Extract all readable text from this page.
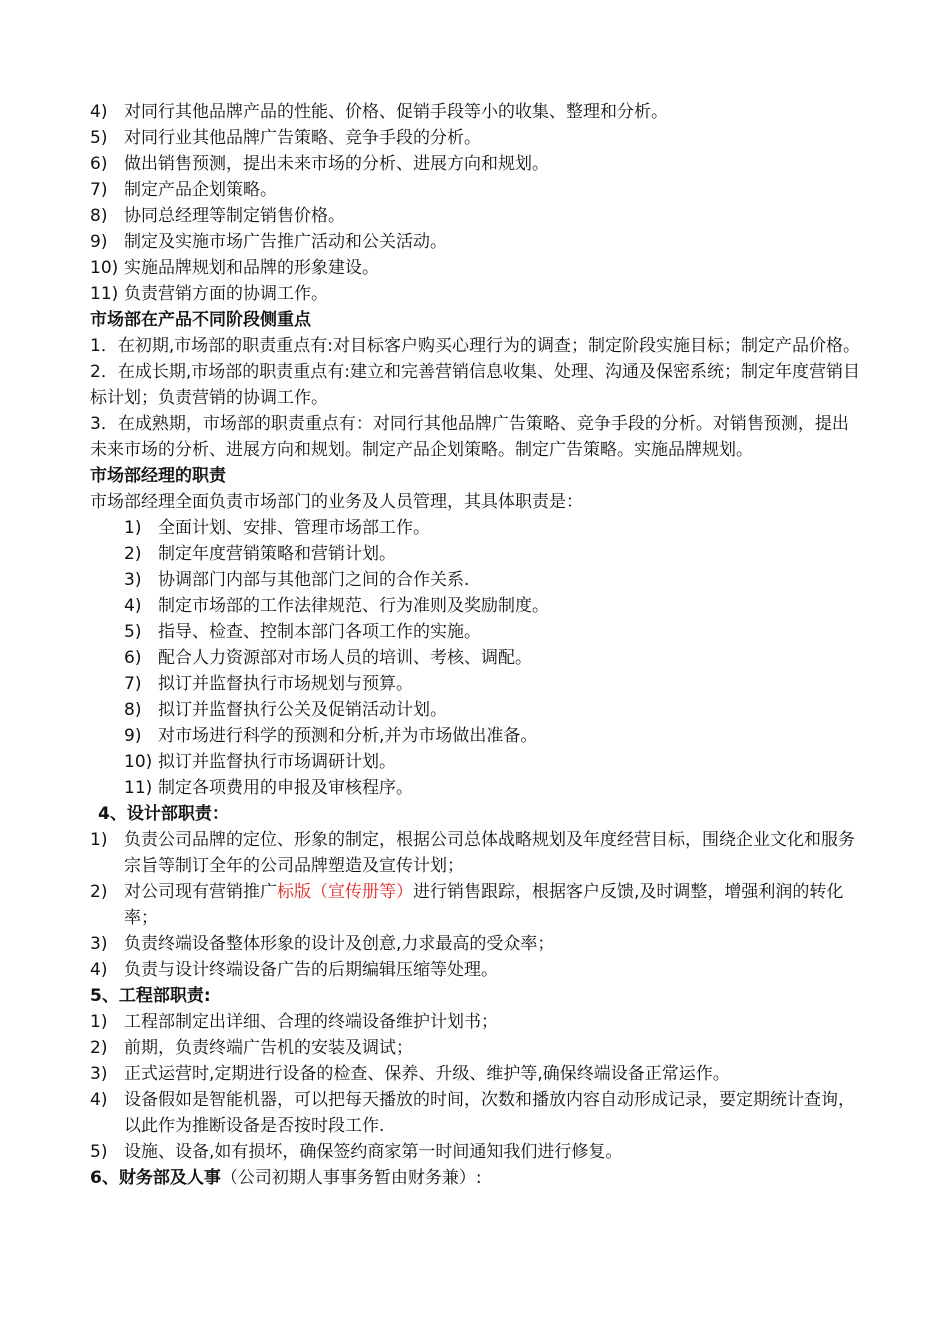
4) 对同行其他品牌产品的性能、价格、促销手段等小的收集、整理和分析。
5) 对同行业其他品牌广告策略、竞争手段的分析。
6) 做出销售预测，提出未来市场的分析、进展方向和规划。
7) 制定产品企划策略。
8) 协同总经理等制定销售价格。
9) 制定及实施市场广告推广活动和公关活动。
10) 实施品牌规划和品牌的形象建设。
11) 负责营销方面的协调工作。
市场部在产品不同阶段侧重点
1．在初期,市场部的职责重点有:对目标客户购买心理行为的调查；制定阶段实施目标；制定产品价格。
2．在成长期,市场部的职责重点有:建立和完善营销信息收集、处理、沟通及保密系统；制定年度营销目标计划；负责营销的协调工作。
3．在成熟期，市场部的职责重点有：对同行其他品牌广告策略、竞争手段的分析。对销售预测，提出未来市场的分析、进展方向和规划。制定产品企划策略。制定广告策略。实施品牌规划。
市场部经理的职责
市场部经理全面负责市场部门的业务及人员管理，其具体职责是：
1) 全面计划、安排、管理市场部工作。
2) 制定年度营销策略和营销计划。
3) 协调部门内部与其他部门之间的合作关系.
4) 制定市场部的工作法律规范、行为准则及奖励制度。
5) 指导、检查、控制本部门各项工作的实施。
6) 配合人力资源部对市场人员的培训、考核、调配。
7) 拟订并监督执行市场规划与预算。
8) 拟订并监督执行公关及促销活动计划。
9) 对市场进行科学的预测和分析,并为市场做出准备。
10) 拟订并监督执行市场调研计划。
11) 制定各项费用的申报及审核程序。
4、设计部职责：
1) 负责公司品牌的定位、形象的制定，根据公司总体战略规划及年度经营目标，围绕企业文化和服务宗旨等制订全年的公司品牌塑造及宣传计划；
2) 对公司现有营销推广标版（宣传册等）进行销售跟踪，根据客户反馈,及时调整，增强利润的转化率；
3) 负责终端设备整体形象的设计及创意,力求最高的受众率；
4) 负责与设计终端设备广告的后期编辑压缩等处理。
5、工程部职责:
1) 工程部制定出详细、合理的终端设备维护计划书；
2) 前期，负责终端广告机的安装及调试；
3) 正式运营时,定期进行设备的检查、保养、升级、维护等,确保终端设备正常运作。
4) 设备假如是智能机器，可以把每天播放的时间，次数和播放内容自动形成记录，要定期统计查询，以此作为推断设备是否按时段工作.
5) 设施、设备,如有损坏，确保签约商家第一时间通知我们进行修复。
6、财务部及人事（公司初期人事事务暂由财务兼）:
